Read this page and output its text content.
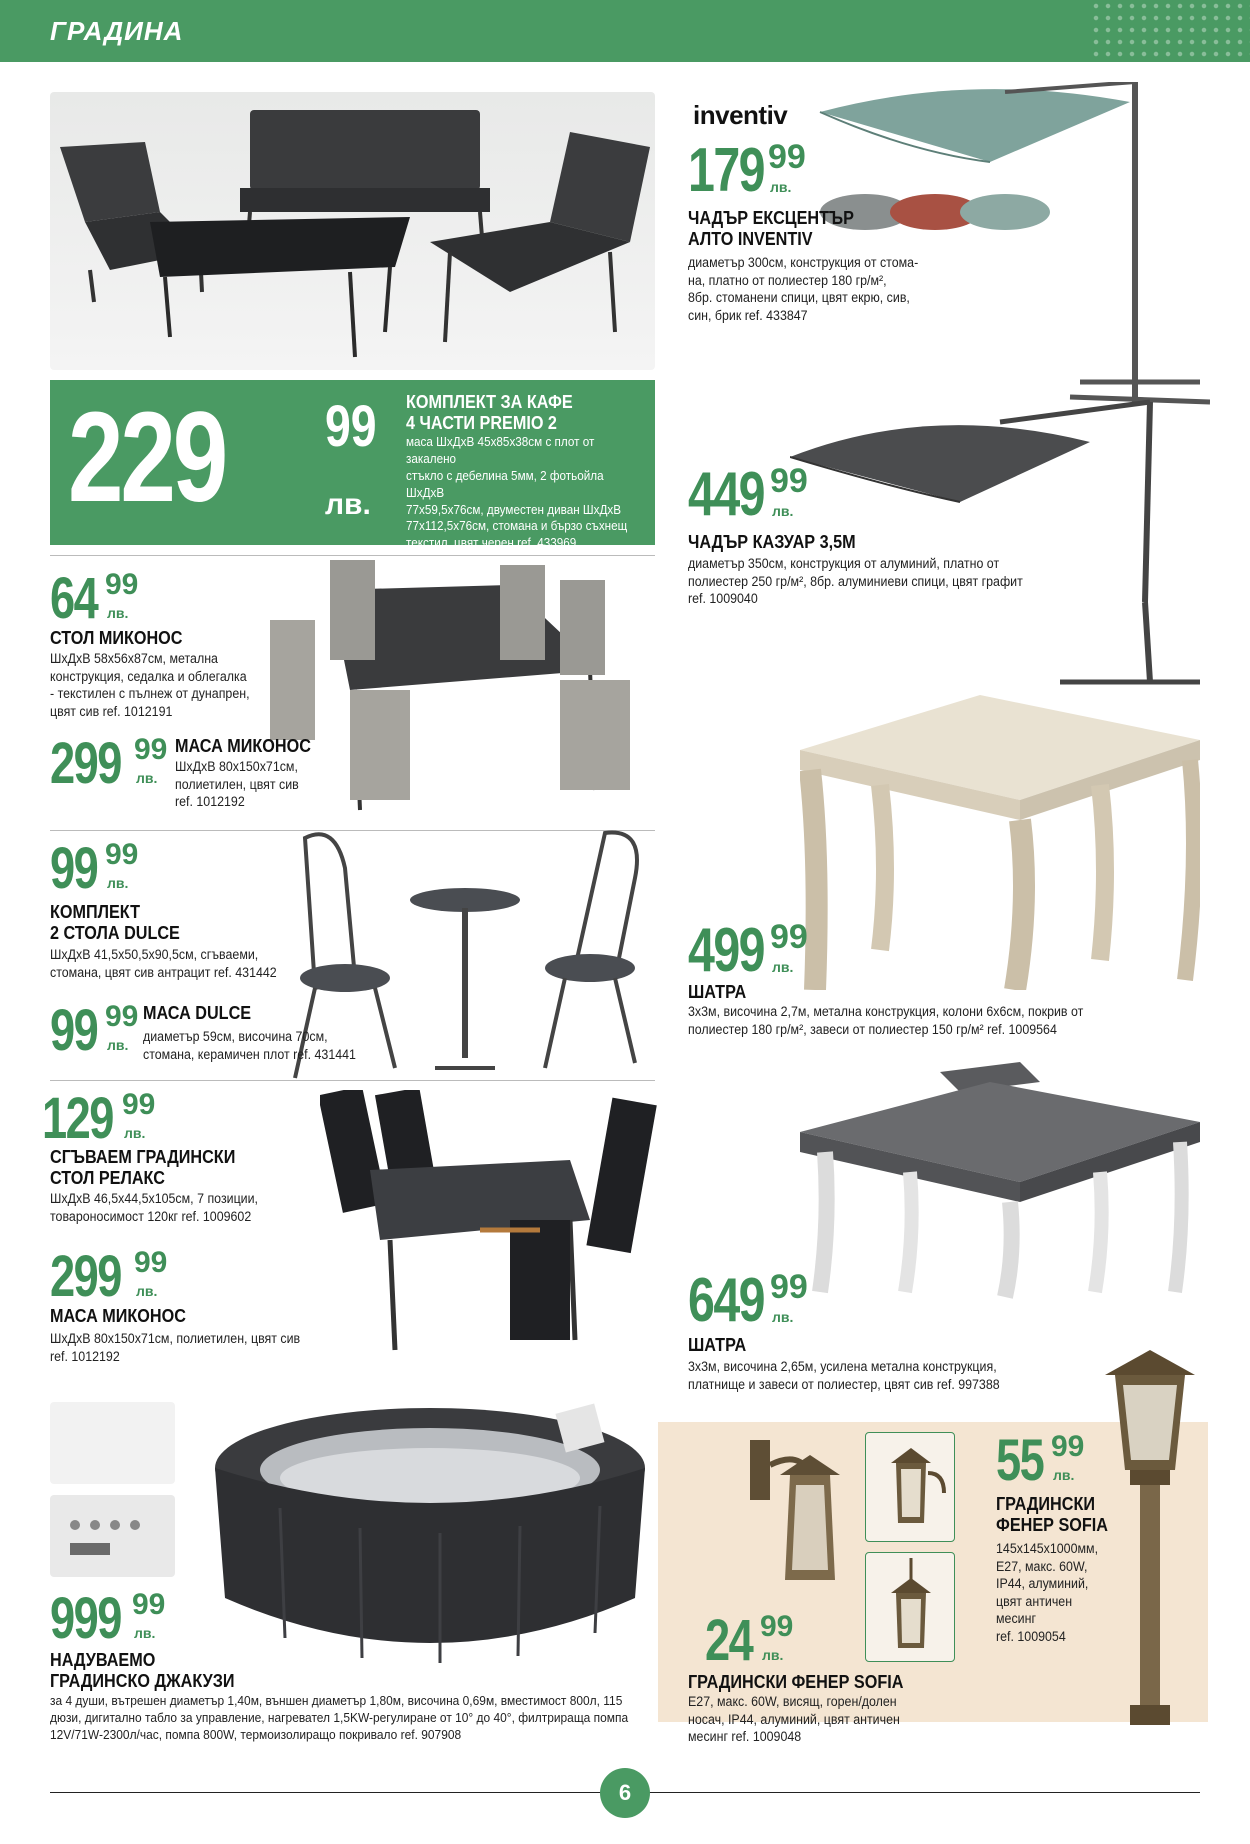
ГРАДИНА
229 99
лв.
КОМПЛЕКТ ЗА КАФЕ
4 ЧАСТИ PREMIO 2
маса ШхДхВ 45х85х38см с плот от закалено
стъкло с дебелина 5мм, 2 фотьойла ШхДхВ
77х59,5х76см, двуместен диван ШхДхВ
77х112,5х76см, стомана и бързо съхнещ
текстил, цвят черен ref. 433969
inventiv
179 99
лв.
ЧАДЪР ЕКСЦЕНТЪР
АЛТО INVENTIV
диаметър 300см, конструкция от стома-
на, платно от полиестер 180 гр/м²,
8бр. стоманени спици, цвят екрю, сив,
син, брик ref. 433847
449 99
лв.
ЧАДЪР КАЗУАР 3,5М
диаметър 350см, конструкция от алуминий, платно от
полиестер 250 гр/м², 8бр. алуминиеви спици, цвят графит
ref. 1009040
64 99
лв.
СТОЛ МИКОНОС
ШхДхВ 58х56х87см, метална
конструкция, седалка и облегалка
- текстилен с пълнеж от дунапрен,
цвят сив ref. 1012191
299 99
лв.
МАСА МИКОНОС
ШхДхВ 80х150х71см,
полиетилен, цвят сив
ref. 1012192
499 99
лв.
ШАТРА
3х3м, височина 2,7м, метална конструкция, колони 6х6см, покрив от
полиестер 180 гр/м², завеси от полиестер 150 гр/м² ref. 1009564
99 99
лв.
КОМПЛЕКТ
2 СТОЛА DULCE
ШхДхВ 41,5х50,5х90,5см, сгъваеми,
стомана, цвят сив антрацит ref. 431442
99 99
лв.
МАСА DULCE
диаметър 59см, височина 70см,
стомана, керамичен плот ref. 431441
129 99
лв.
СГЪВАЕМ ГРАДИНСКИ
СТОЛ РЕЛАКС
ШхДхВ 46,5х44,5х105см, 7 позиции,
товароносимост 120кг ref. 1009602
299 99
лв.
МАСА МИКОНОС
ШхДхВ 80х150х71см, полиетилен, цвят сив
ref. 1012192
649 99
лв.
ШАТРА
3х3м, височина 2,65м, усилена метална конструкция,
платнище и завеси от полиестер, цвят сив ref. 997388
999 99
лв.
НАДУВАЕМО
ГРАДИНСКО ДЖАКУЗИ
за 4 души, вътрешен диаметър 1,40м, външен диаметър 1,80м, височина 0,69м, вместимост 800л, 115
дюзи, дигитално табло за управление, нагревател 1,5KW-регулиране от 10° до 40°, филтрираща помпа
12V/71W-2300л/час, помпа 800W, термоизолиращо покривало ref. 907908
55 99
лв.
ГРАДИНСКИ
ФЕНЕР SOFIA
145х145х1000мм,
E27, макс. 60W,
IP44, алуминий,
цвят античен
месинг
ref. 1009054
24 99
лв.
ГРАДИНСКИ ФЕНЕР SOFIA
E27, макс. 60W, висящ, горен/долен
носач, IP44, алуминий, цвят античен
месинг ref. 1009048
6
